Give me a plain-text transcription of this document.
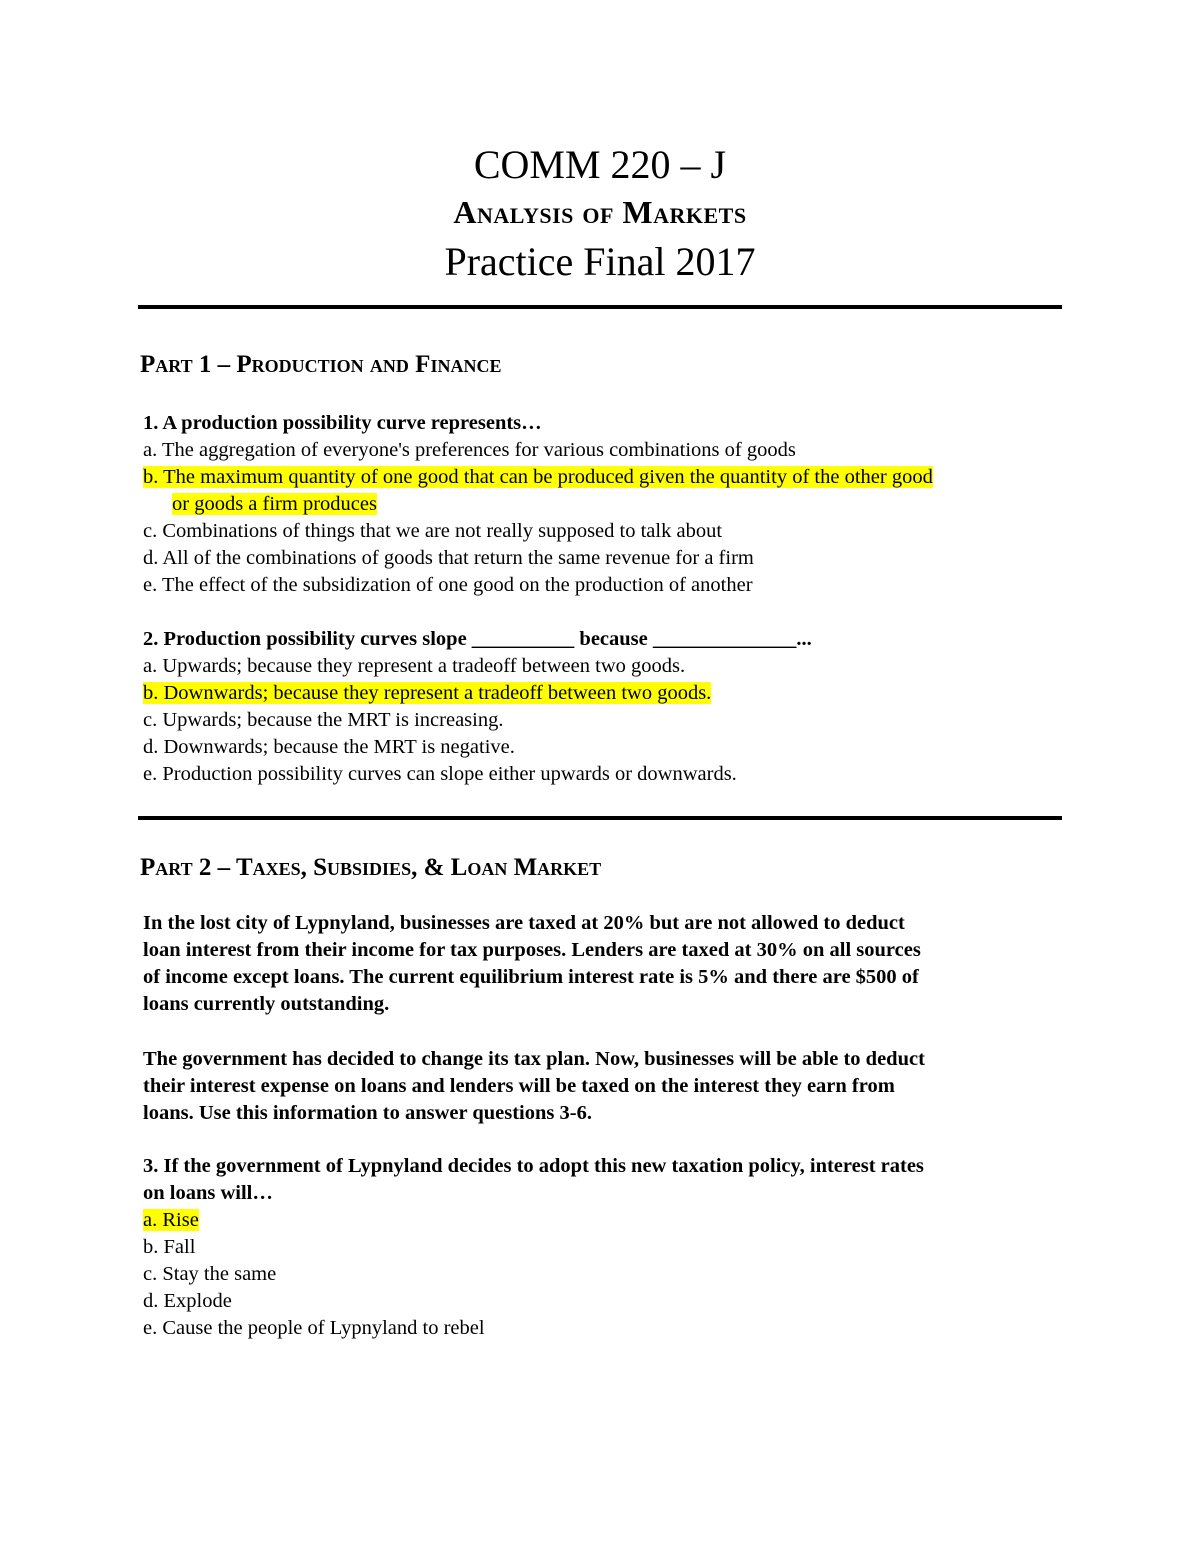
COMM 220 – J
Analysis of Markets
Practice Final 2017
Part 1 – Production and Finance
1. A production possibility curve represents…
a. The aggregation of everyone's preferences for various combinations of goods
b. The maximum quantity of one good that can be produced given the quantity of the other good
or goods a firm produces
c. Combinations of things that we are not really supposed to talk about
d. All of the combinations of goods that return the same revenue for a firm
e. The effect of the subsidization of one good on the production of another
2. Production possibility curves slope __________ because ______________...
a. Upwards; because they represent a tradeoff between two goods.
b. Downwards; because they represent a tradeoff between two goods.
c. Upwards; because the MRT is increasing.
d. Downwards; because the MRT is negative.
e. Production possibility curves can slope either upwards or downwards.
Part 2 – Taxes, Subsidies, & Loan Market
In the lost city of Lypnyland, businesses are taxed at 20% but are not allowed to deduct
loan interest from their income for tax purposes. Lenders are taxed at 30% on all sources
of income except loans. The current equilibrium interest rate is 5% and there are $500 of
loans currently outstanding.
The government has decided to change its tax plan. Now, businesses will be able to deduct
their interest expense on loans and lenders will be taxed on the interest they earn from
loans. Use this information to answer questions 3-6.
3. If the government of Lypnyland decides to adopt this new taxation policy, interest rates
on loans will…
a. Rise
b. Fall
c. Stay the same
d. Explode
e. Cause the people of Lypnyland to rebel
